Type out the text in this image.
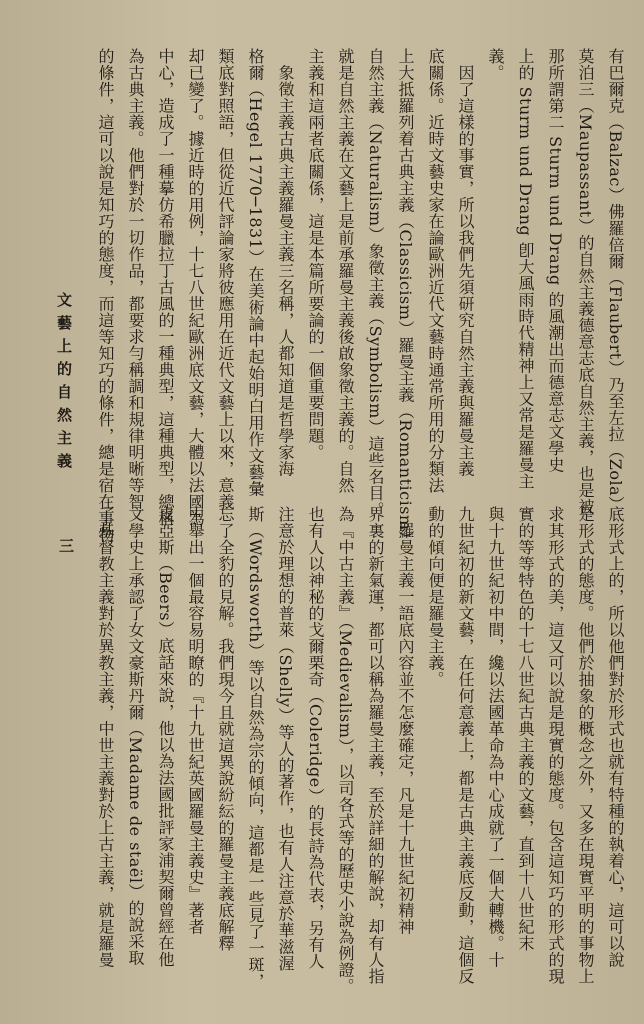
文藝上的自然主義
三
有巴爾克（Balzac）佛羅倍爾（Flaubert）乃至左拉（Zola）
莫泊三（Maupassant）的自然主義德意志底自然主義，也是被
那所謂第二 Sturm und Drang 的風潮出而德意志文學史
上的 Sturm und Drang 卽大風雨時代精神上又常是羅曼主
義。
　因了這樣的事實，所以我們先須研究自然主義與羅曼主義
底關係。近時文藝史家在論歐洲近代文藝時通常所用的分類法
上大抵羅列着古典主義（Classicism）羅曼主義（Romanticism）
自然主義（Naturalism）象徵主義（Symbolism）這些名目。
就是自然主義在文藝上是前承羅曼主義後啟象徵主義的。自然
主義和這兩者底關係，這是本篇所要論的一個重要問題。
　象徵主義古典主義羅曼主義三名稱，人都知道是哲學家海
格爾（Hegel 1770─1831）在美術論中起始明白用作文藝彙
類底對照語，但從近代評論家將彼應用在近代文藝上以來，意義
却已變了。據近時的用例，十七八世紀歐洲底文藝，大體以法國為
中心，造成了一種摹仿希臘拉丁古風的一種典型，這種典型，總稱
為古典主義。他們對於一切作品，都要求勻稱調和規律明晰等智
的條件，這可以說是知巧的態度，而這等知巧的條件，總是宿在事物
底形式上的，所以他們對於形式也就有特種的執着心，這可以說
是形式的態度。他們於抽象的概念之外，又多在現實平明的事物上
求其形式的美，這又可以說是現實的態度。包含這知巧的形式的現
實的等等特色的十七八世紀古典主義的文藝，直到十八世紀末
與十九世紀初中間，纔以法國革命為中心成就了一個大轉機。十
九世紀初的新文藝，在任何意義上，都是古典主義底反動，這個反
動的傾向便是羅曼主義。
　羅曼主義一語底內容並不怎麼確定，凡是十九世紀初精神
界裏的新氣運，都可以稱為羅曼主義，至於詳細的解說，却有人指
為『中古主義』（Medievalism），以司各式等的歷史小說為例證。
也有人以神秘的戈爾栗奇（Coleridge）的長詩為代表，另有人
注意於理想的普萊（Shelly）等人的著作，也有人注意於華滋渥
斯（Wordsworth）等以自然為宗的傾向，這都是一些見了一斑，
忘了全豹的見解。我們現今且就這異說紛紜的羅曼主義底解釋
中舉出一個最容易明瞭的『十九世紀英國羅曼主義史』著者
皮亞斯（Beers）底話來說，他以為法國批評家浦契爾曾經在他
文學史上承認了女文豪斯丹爾（Madame de staël）的說采取
了基督教主義對於異教主義，中世主義對於上古主義，就是羅曼
